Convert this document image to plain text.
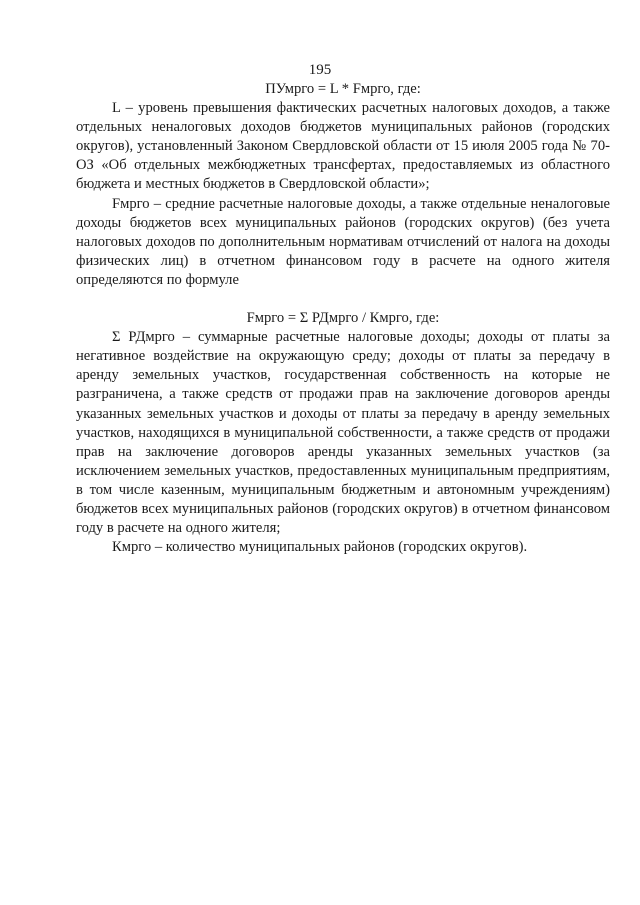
195

ПУмрго = L * Fмрго, где:

L – уровень превышения фактических расчетных налоговых доходов, а также отдельных неналоговых доходов бюджетов муниципальных районов (городских округов), установленный Законом Свердловской области от 15 июля 2005 года № 70-ОЗ «Об отдельных межбюджетных трансфертах, предоставляемых из областного бюджета и местных бюджетов в Свердловской области»;

Fмрго – средние расчетные налоговые доходы, а также отдельные неналоговые доходы бюджетов всех муниципальных районов (городских округов) (без учета налоговых доходов по дополнительным нормативам отчислений от налога на доходы физических лиц) в отчетном финансовом году в расчете на одного жителя определяются по формуле

Fмрго = Σ РДмрго / Кмрго, где:

Σ РДмрго – суммарные расчетные налоговые доходы; доходы от платы за негативное воздействие на окружающую среду; доходы от платы за передачу в аренду земельных участков, государственная собственность на которые не разграничена, а также средств от продажи прав на заключение договоров аренды указанных земельных участков и доходы от платы за передачу в аренду земельных участков, находящихся в муниципальной собственности, а также средств от продажи прав на заключение договоров аренды указанных земельных участков (за исключением земельных участков, предоставленных муниципальным предприятиям, в том числе казенным, муниципальным бюджетным и автономным учреждениям) бюджетов всех муниципальных районов (городских округов) в отчетном финансовом году в расчете на одного жителя;

Кмрго – количество муниципальных районов (городских округов).
